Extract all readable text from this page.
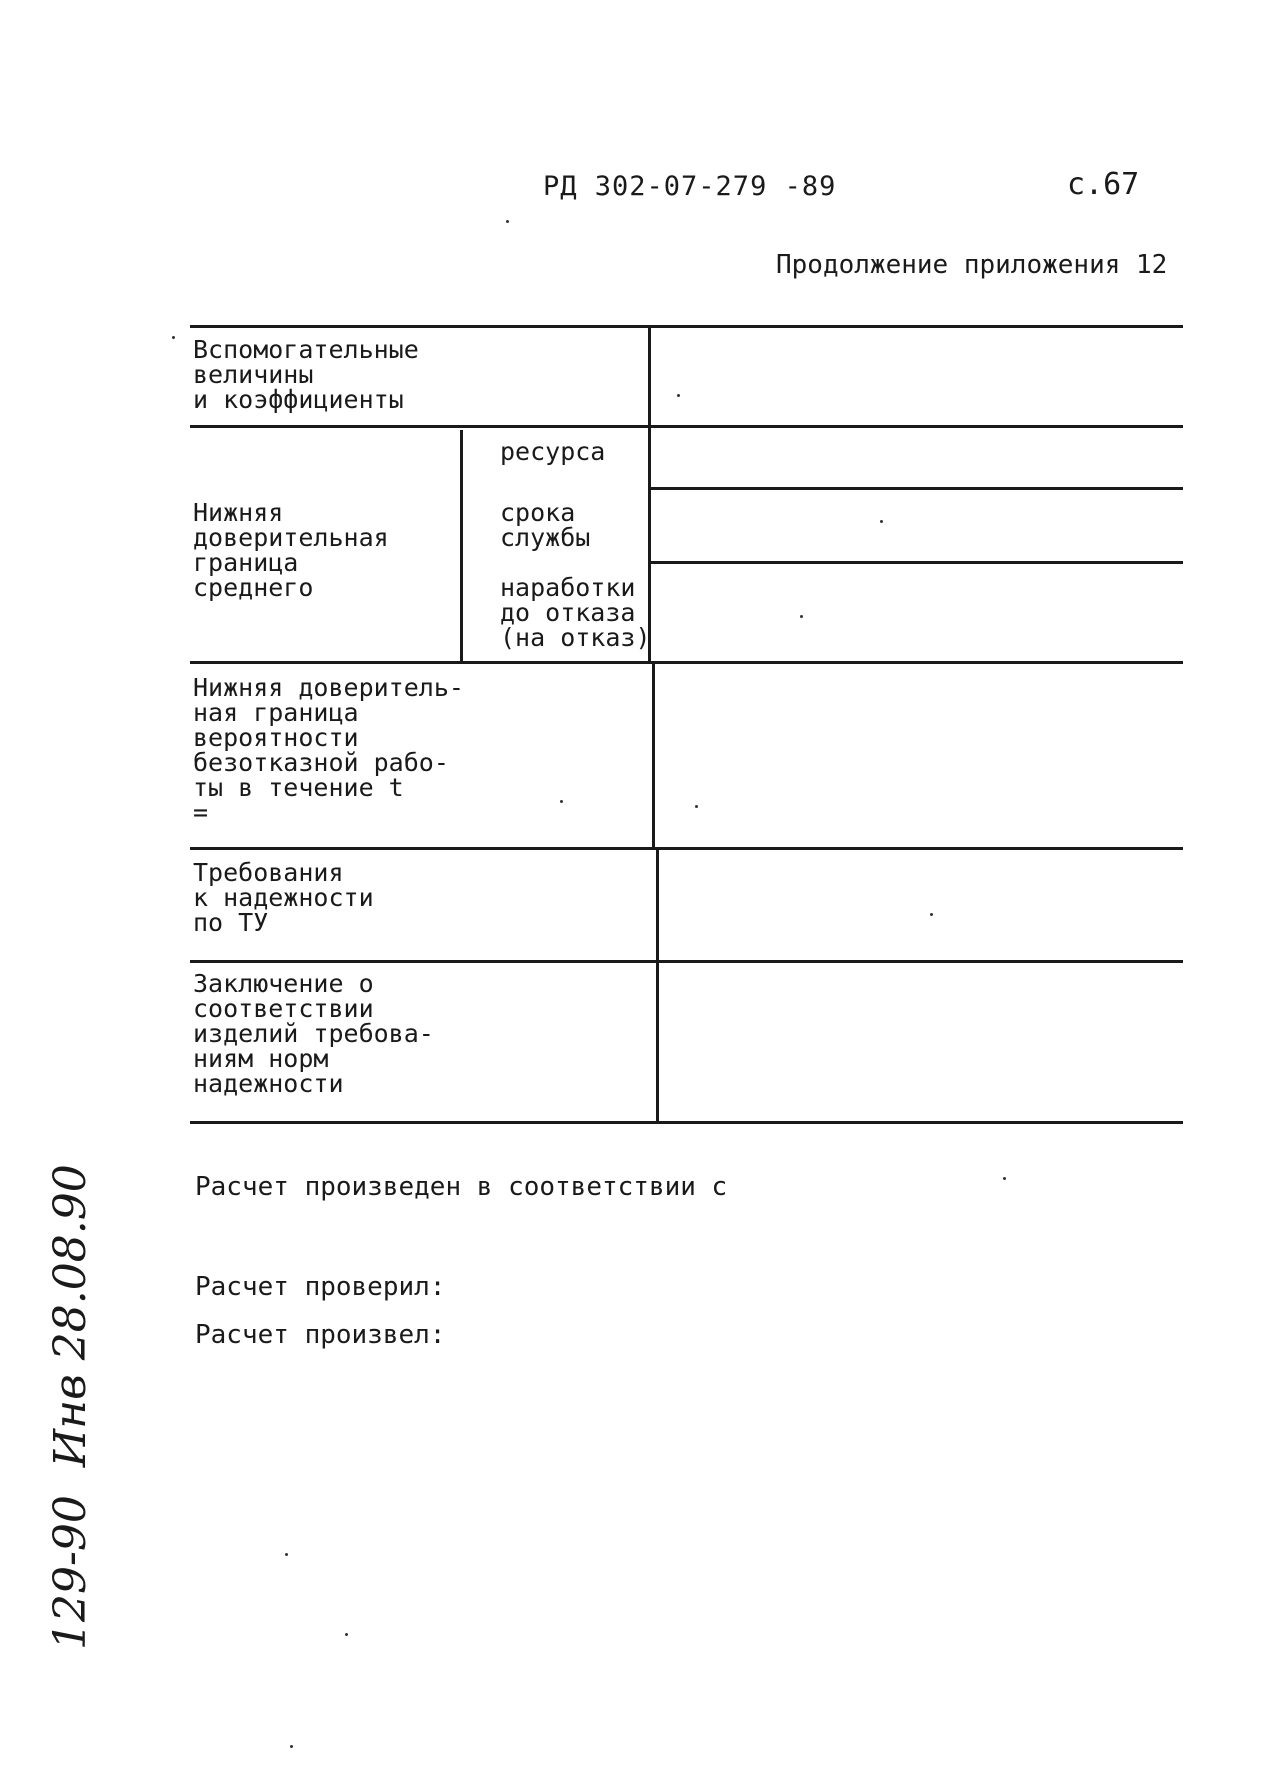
РД 302-07-279 -89	с.67
Продолжение приложения 12
Вспомогательные
величины
и коэффициенты
Нижняя
доверительная
граница
среднего
ресурса
срока
службы
наработки
до отказа
(на отказ)
Нижняя доверитель-
ная граница
вероятности
безотказной рабо-
ты в течение t
=
Требования
к надежности
по ТУ
Заключение о
соответствии
изделий требова-
ниям норм
надежности
Расчет произведен в соответствии с
Расчет проверил:
Расчет произвел:
129-90  Инв 28.08.90
